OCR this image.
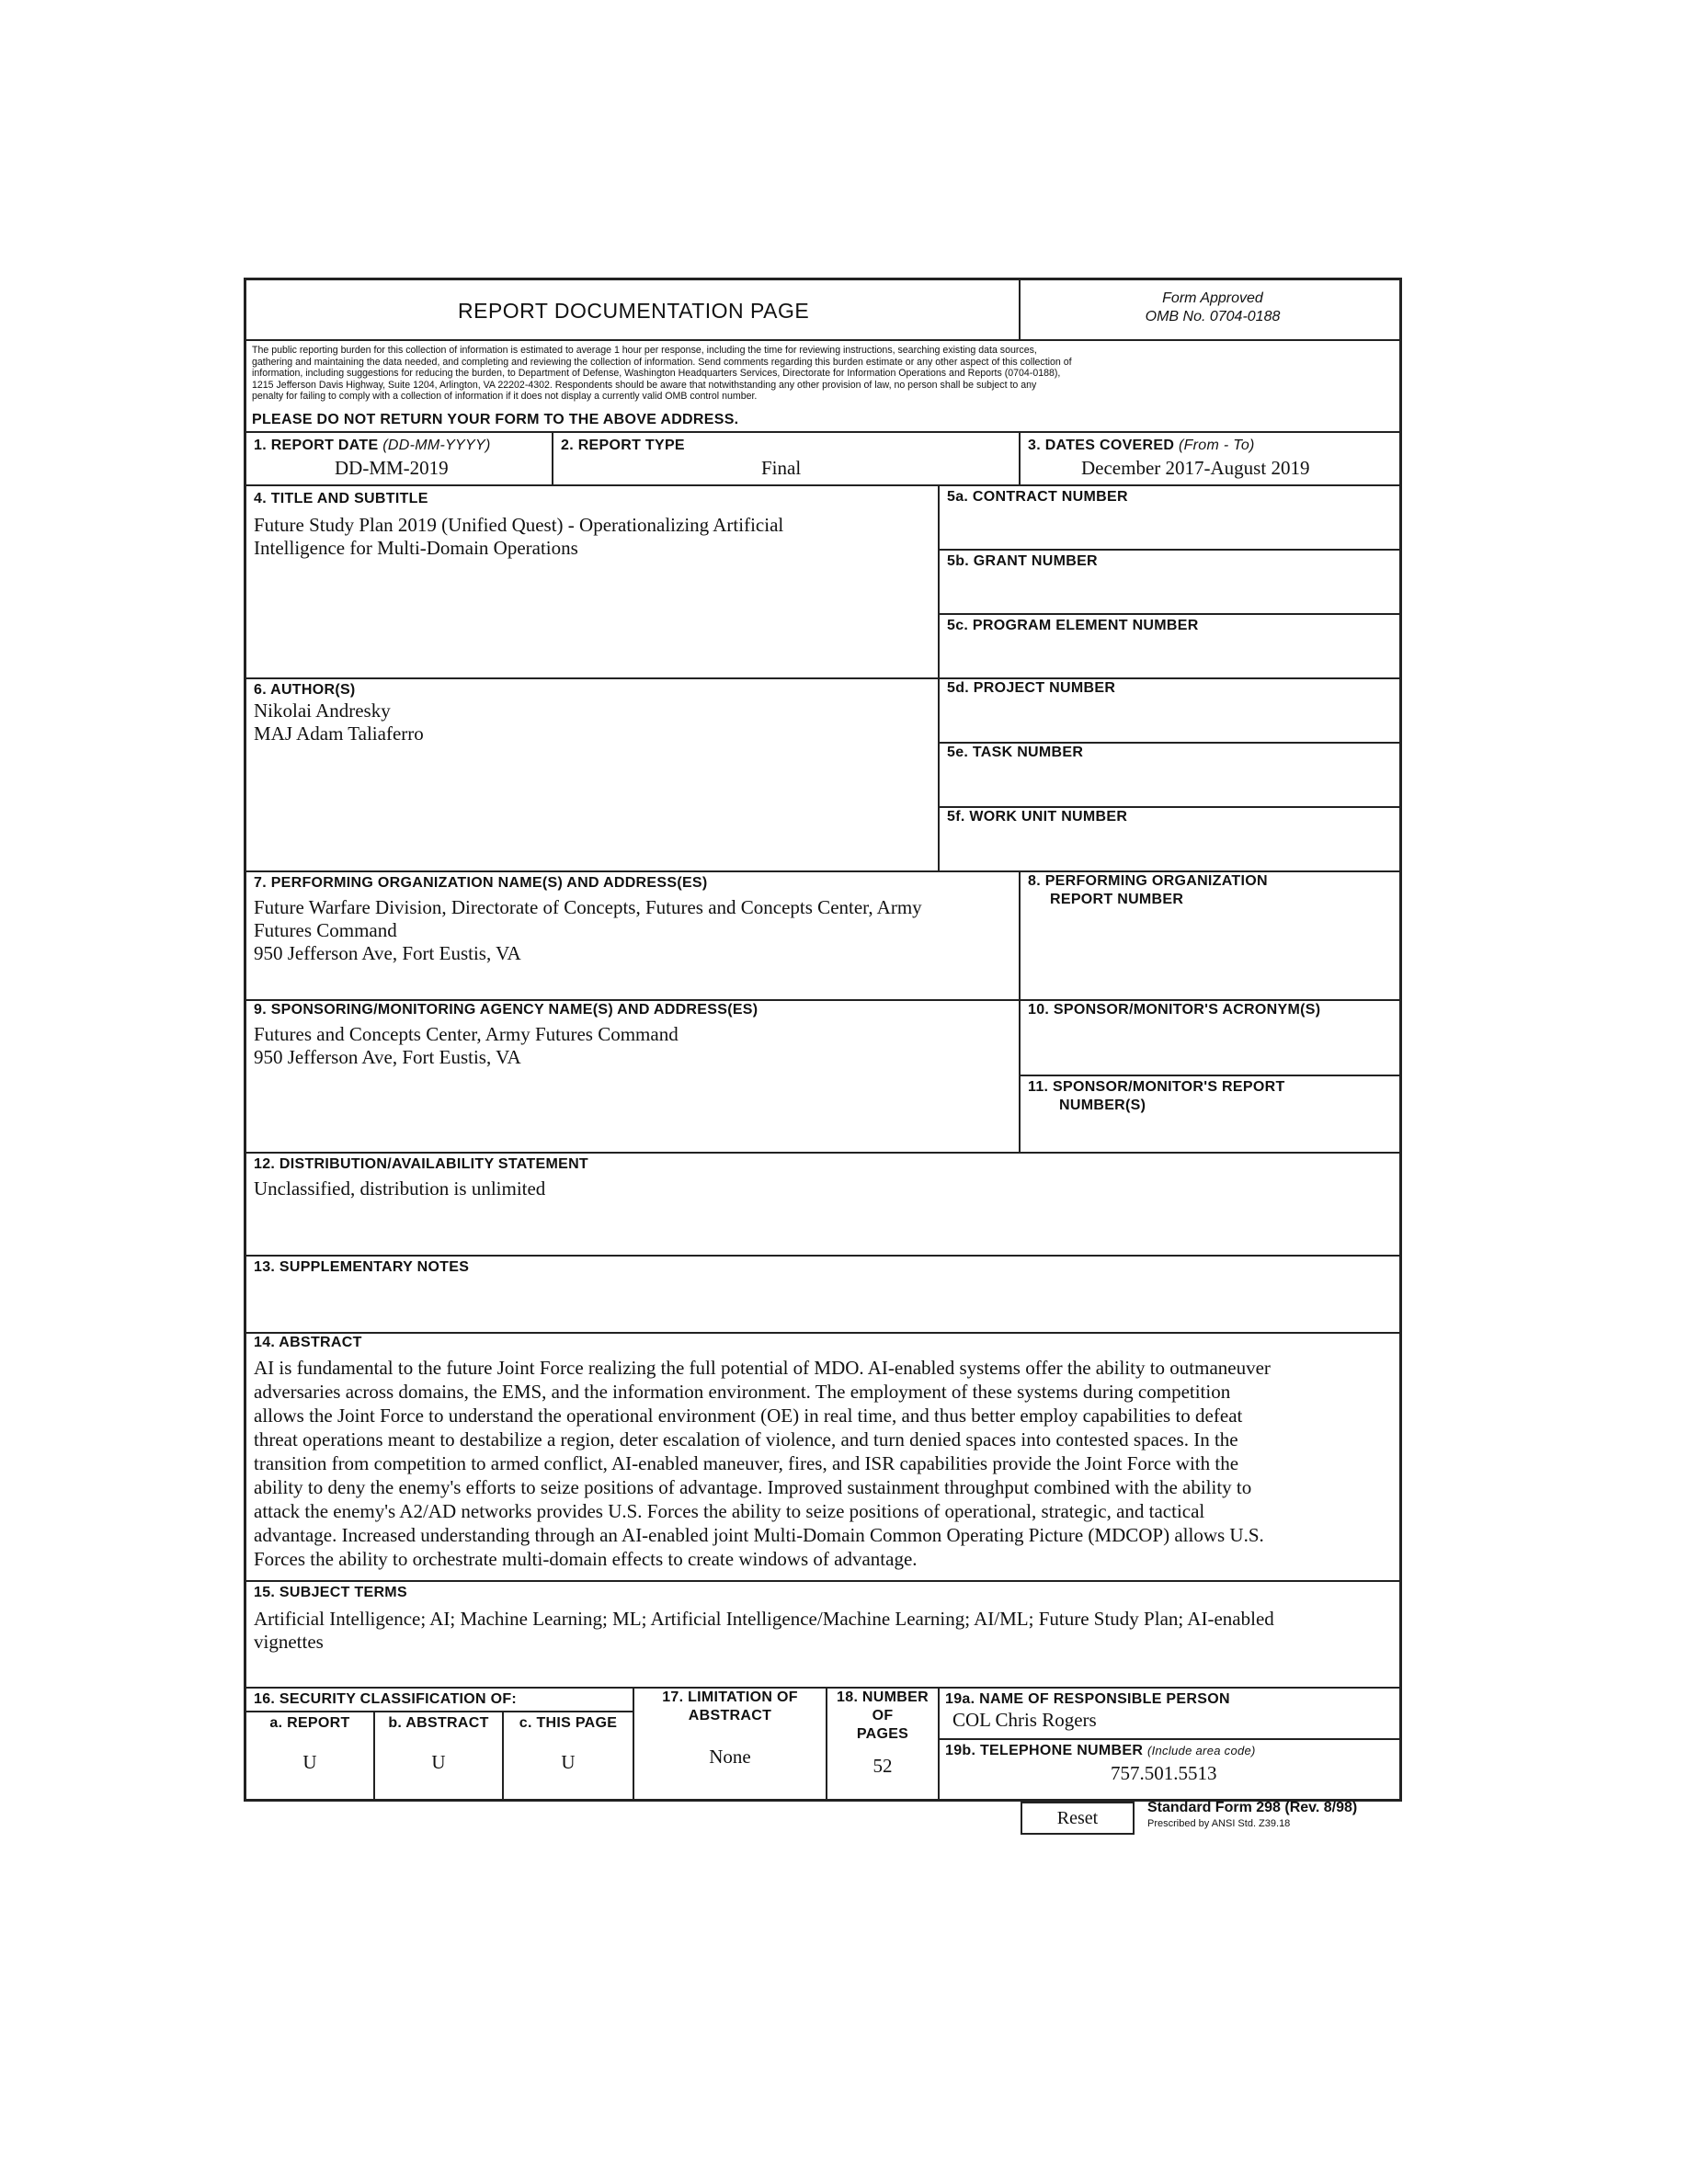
REPORT DOCUMENTATION PAGE
Form Approved
OMB No. 0704-0188
The public reporting burden for this collection of information is estimated to average 1 hour per response, including the time for reviewing instructions, searching existing data sources,
gathering and maintaining the data needed, and completing and reviewing the collection of information. Send comments regarding this burden estimate or any other aspect of this collection of
information, including suggestions for reducing the burden, to Department of Defense, Washington Headquarters Services, Directorate for Information Operations and Reports (0704-0188),
1215 Jefferson Davis Highway, Suite 1204, Arlington, VA 22202-4302. Respondents should be aware that notwithstanding any other provision of law, no person shall be subject to any
penalty for failing to comply with a collection of information if it does not display a currently valid OMB control number.
PLEASE DO NOT RETURN YOUR FORM TO THE ABOVE ADDRESS.
1. REPORT DATE (DD-MM-YYYY)
DD-MM-2019
2. REPORT TYPE
Final
3. DATES COVERED (From - To)
December 2017-August 2019
4. TITLE AND SUBTITLE
Future Study Plan 2019 (Unified Quest) - Operationalizing Artificial
Intelligence for Multi-Domain Operations
5a. CONTRACT NUMBER
5b. GRANT NUMBER
5c. PROGRAM ELEMENT NUMBER
6. AUTHOR(S)
Nikolai Andresky
MAJ Adam Taliaferro
5d. PROJECT NUMBER
5e. TASK NUMBER
5f. WORK UNIT NUMBER
7. PERFORMING ORGANIZATION NAME(S) AND ADDRESS(ES)
Future Warfare Division, Directorate of Concepts, Futures and Concepts Center, Army
Futures Command
950 Jefferson Ave, Fort Eustis, VA
8. PERFORMING ORGANIZATION
REPORT NUMBER
9. SPONSORING/MONITORING AGENCY NAME(S) AND ADDRESS(ES)
Futures and Concepts Center, Army Futures Command
950 Jefferson Ave, Fort Eustis, VA
10. SPONSOR/MONITOR'S ACRONYM(S)
11. SPONSOR/MONITOR'S REPORT
NUMBER(S)
12. DISTRIBUTION/AVAILABILITY STATEMENT
Unclassified, distribution is unlimited
13. SUPPLEMENTARY NOTES
14. ABSTRACT
AI is fundamental to the future Joint Force realizing the full potential of MDO. AI-enabled systems offer the ability to outmaneuver
adversaries across domains, the EMS, and the information environment. The employment of these systems during competition
allows the Joint Force to understand the operational environment (OE) in real time, and thus better employ capabilities to defeat
threat operations meant to destabilize a region, deter escalation of violence, and turn denied spaces into contested spaces. In the
transition from competition to armed conflict, AI-enabled maneuver, fires, and ISR capabilities provide the Joint Force with the
ability to deny the enemy's efforts to seize positions of advantage. Improved sustainment throughput combined with the ability to
attack the enemy's A2/AD networks provides U.S. Forces the ability to seize positions of operational, strategic, and tactical
advantage. Increased understanding through an AI-enabled joint Multi-Domain Common Operating Picture (MDCOP) allows U.S.
Forces the ability to orchestrate multi-domain effects to create windows of advantage.
15. SUBJECT TERMS
Artificial Intelligence; AI; Machine Learning; ML; Artificial Intelligence/Machine Learning; AI/ML; Future Study Plan; AI-enabled
vignettes
16. SECURITY CLASSIFICATION OF:
a. REPORT	b. ABSTRACT	c. THIS PAGE
U	U	U
17. LIMITATION OF
ABSTRACT
None
18. NUMBER
OF
PAGES
52
19a. NAME OF RESPONSIBLE PERSON
COL Chris Rogers
19b. TELEPHONE NUMBER (Include area code)
757.501.5513
Reset	Standard Form 298 (Rev. 8/98)
Prescribed by ANSI Std. Z39.18
